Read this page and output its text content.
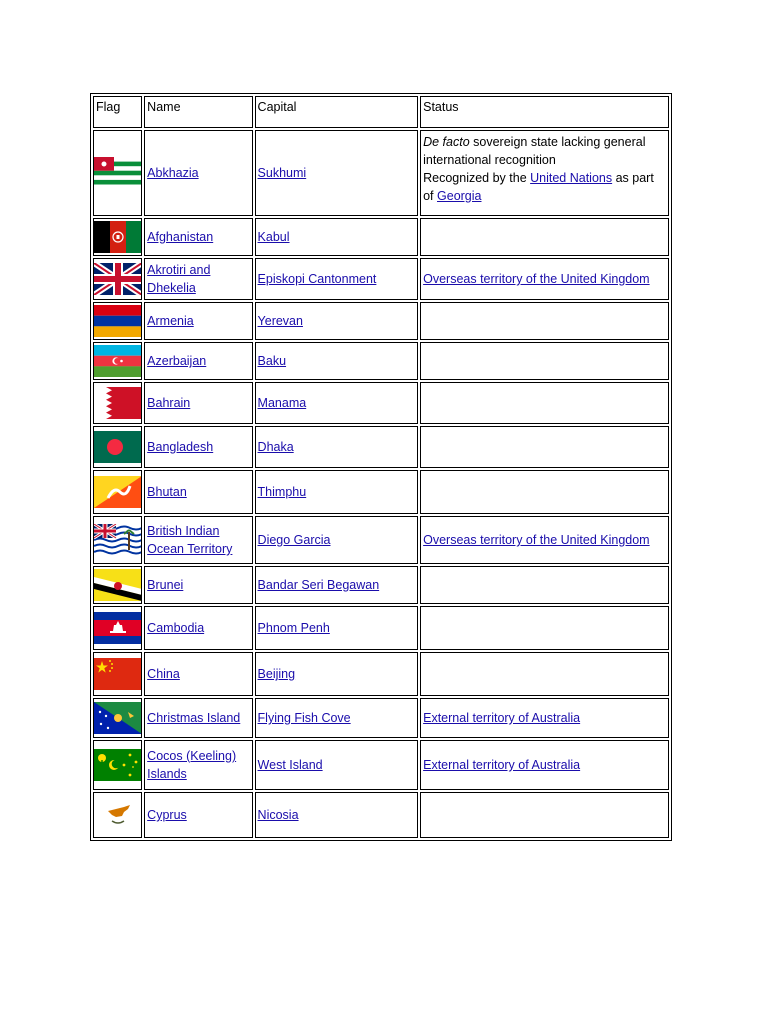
Flag	Name	Capital	Status

	Abkhazia	Sukhumi	De facto sovereign state lacking general international recognition
Recognized by the United Nations as part of Georgia

	Afghanistan	Kabul	

	Akrotiri and Dhekelia	Episkopi Cantonment	Overseas territory of the United Kingdom

	Armenia	Yerevan	

	Azerbaijan	Baku	

	Bahrain	Manama	

	Bangladesh	Dhaka	

	Bhutan	Thimphu	

	British Indian Ocean Territory	Diego Garcia	Overseas territory of the United Kingdom

	Brunei	Bandar Seri Begawan	

	Cambodia	Phnom Penh	

	China	Beijing	

	Christmas Island	Flying Fish Cove	External territory of Australia

	Cocos (Keeling) Islands	West Island	External territory of Australia

	Cyprus	Nicosia	
